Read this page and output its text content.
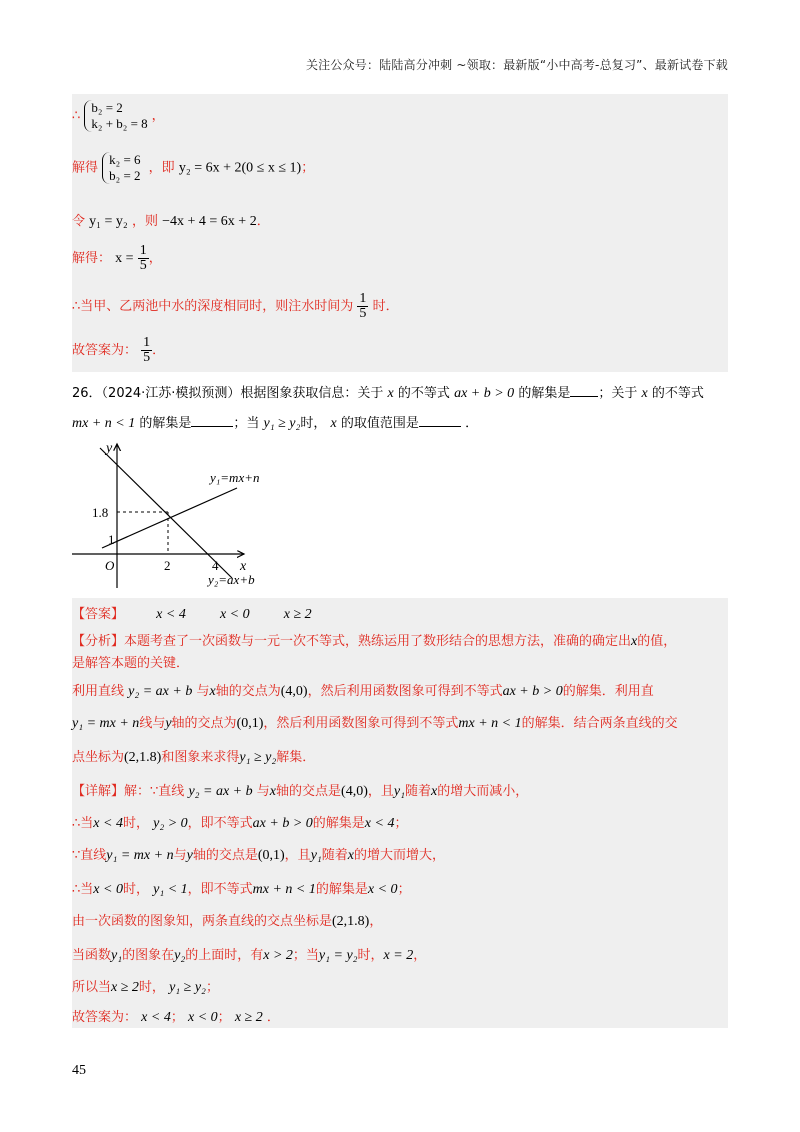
关注公众号：陆陆高分冲刺 ~领取：最新版“小中高考-总复习”、最新试卷下载
∴ b₂ = 2
k₂ + b₂ = 8 ，
解得 k₂ = 6
b₂ = 2 ，即 y₂ = 6x + 2(0 ≤ x ≤ 1)；
令 y₁ = y₂ ，则 −4x + 4 = 6x + 2．
解得： $x = \frac{1}{5}$ ，
∴当甲、乙两池中水的深度相同时，则注水时间为 $\frac{1}{5}$ 时．
故答案为： $\frac{1}{5}$ ．
26．（2024·江苏·模拟预测）根据图象获取信息：关于 x 的不等式 ax + b > 0 的解集是 ；关于 x 的不等式
mx + n < 1 的解集是	；当 y₁ ≥ y₂时， x 的取值范围是	．
y
x
O	2	4
1
1.8
y₁=mx+n
y₂=ax+b
【答案】 x < 4 x < 0 x ≥ 2
【分析】本题考查了一次函数与一元一次不等式，熟练运用了数形结合的思想方法，准确的确定出x的值，
是解答本题的关键．
利用直线 y₂ = ax + b 与x轴的交点为(4,0)，然后利用函数图象可得到不等式ax + b > 0的解集．利用直
y₁ = mx + n线与y轴的交点为(0,1)，然后利用函数图象可得到不等式mx + n < 1的解集．结合两条直线的交
点坐标为(2,1.8)和图象来求得y₁ ≥ y₂解集．
【详解】解：∵直线 y₂ = ax + b 与x轴的交点是(4,0)，且y₁随着x的增大而减小，
∴当x < 4时， y₂ > 0，即不等式ax + b > 0的解集是x < 4；
∵直线y₁ = mx + n与y轴的交点是(0,1)，且y₁随着x的增大而增大，
∴当x < 0时， y₁ < 1，即不等式mx + n < 1的解集是x < 0；
由一次函数的图象知，两条直线的交点坐标是(2,1.8)，
当函数y₁的图象在y₂的上面时，有x > 2；当y₁ = y₂时，x = 2，
所以当x ≥ 2时， y₁ ≥ y₂；
故答案为： x < 4； x < 0； x ≥ 2 ．
45
